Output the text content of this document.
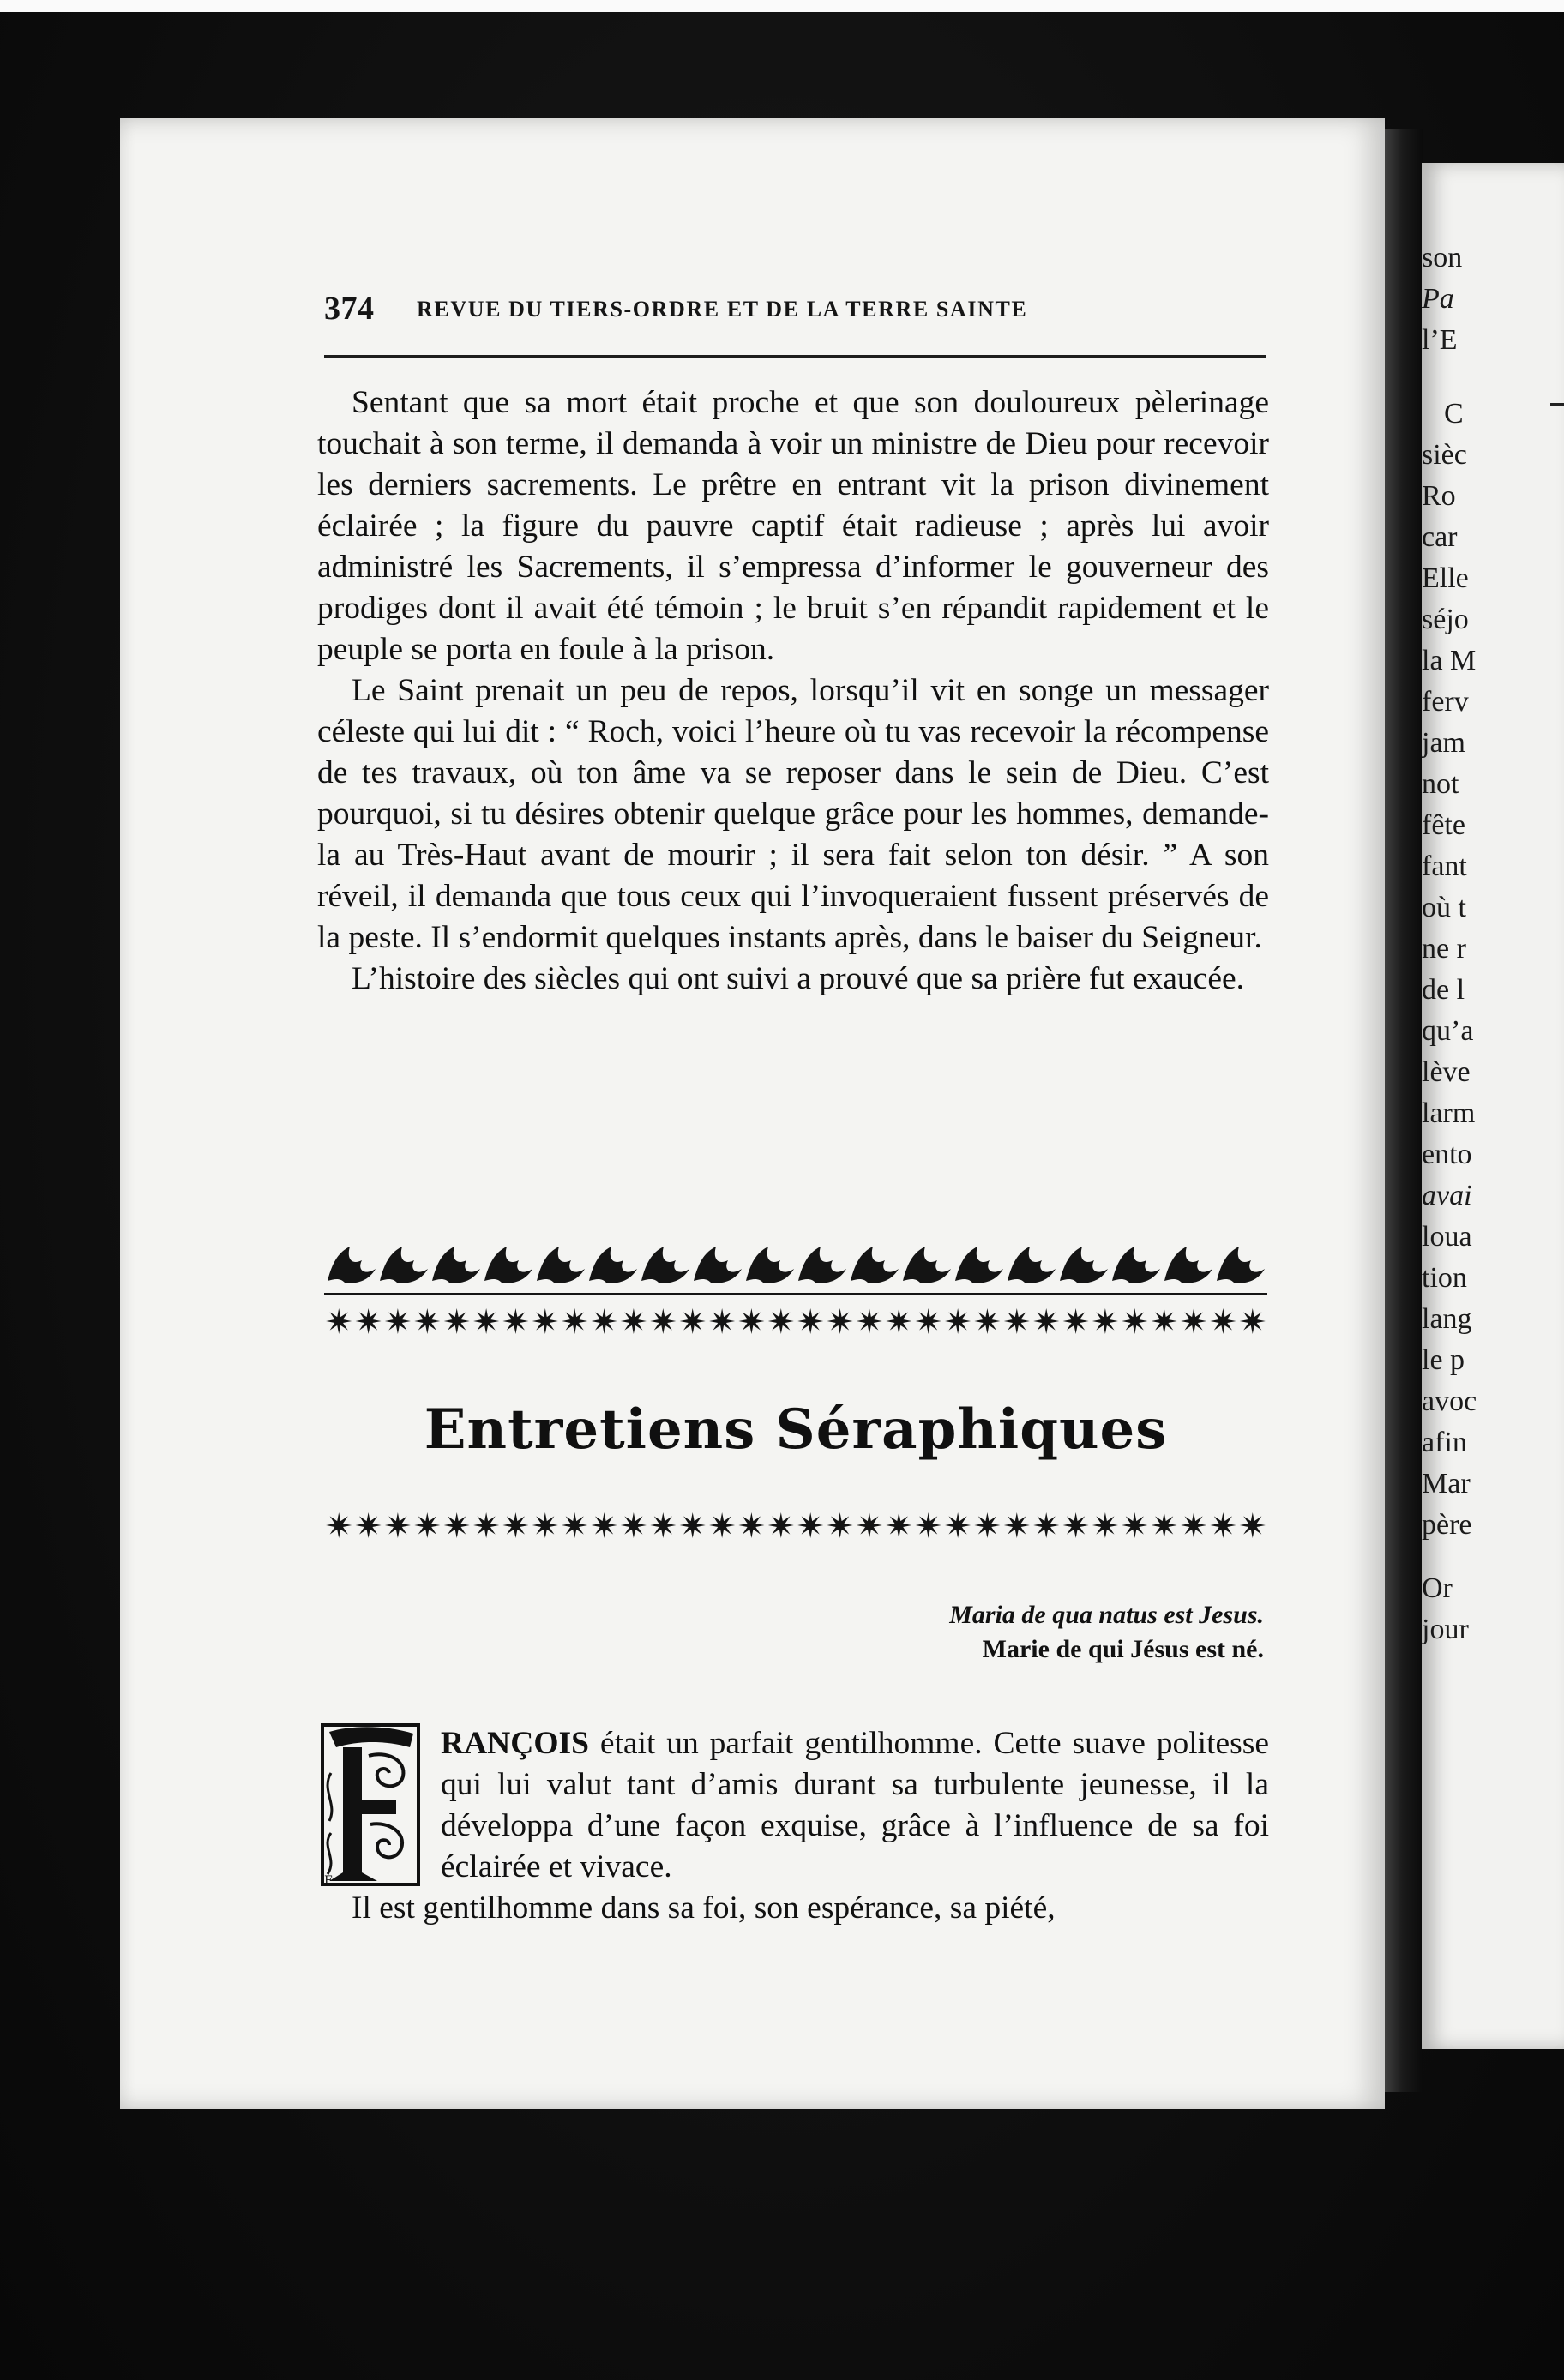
son
Pa
l’E
C
sièc
Ro
car
Elle
séjo
la M
ferv
jam
not
fête
fant
où t
ne r
de l
qu’a
lève
larm
ento
avai
loua
tion
lang
le p
avoc
afin
Mar
père
Or
jour
374 REVUE DU TIERS-ORDRE ET DE LA TERRE SAINTE

Sentant que sa mort était proche et que son douloureux pèlerinage touchait à son terme, il demanda à voir un ministre de Dieu pour recevoir les derniers sacrements. Le prêtre en entrant vit la prison divinement éclairée ; la figure du pauvre captif était radieuse ; après lui avoir administré les Sacrements, il s’empressa d’informer le gouverneur des prodiges dont il avait été témoin ; le bruit s’en répandit rapidement et le peuple se porta en foule à la prison.

Le Saint prenait un peu de repos, lorsqu’il vit en songe un messager céleste qui lui dit : “ Roch, voici l’heure où tu vas recevoir la récompense de tes travaux, où ton âme va se reposer dans le sein de Dieu. C’est pourquoi, si tu désires obtenir quelque grâce pour les hommes, demande-la au Très-Haut avant de mourir ; il sera fait selon ton désir. ” A son réveil, il demanda que tous ceux qui l’invoqueraient fussent préservés de la peste. Il s’endormit quelques instants après, dans le baiser du Seigneur.

L’histoire des siècles qui ont suivi a prouvé que sa prière fut exaucée.

Entretiens Séraphiques
Maria de qua natus est Jesus.
Marie de qui Jésus est né.
F

RANÇOIS était un parfait gentilhomme. Cette suave politesse qui lui valut tant d’amis durant sa turbulente jeunesse, il la développa d’une façon exquise, grâce à l’influence de sa foi éclairée et vivace.

Il est gentilhomme dans sa foi, son espérance, sa piété,
